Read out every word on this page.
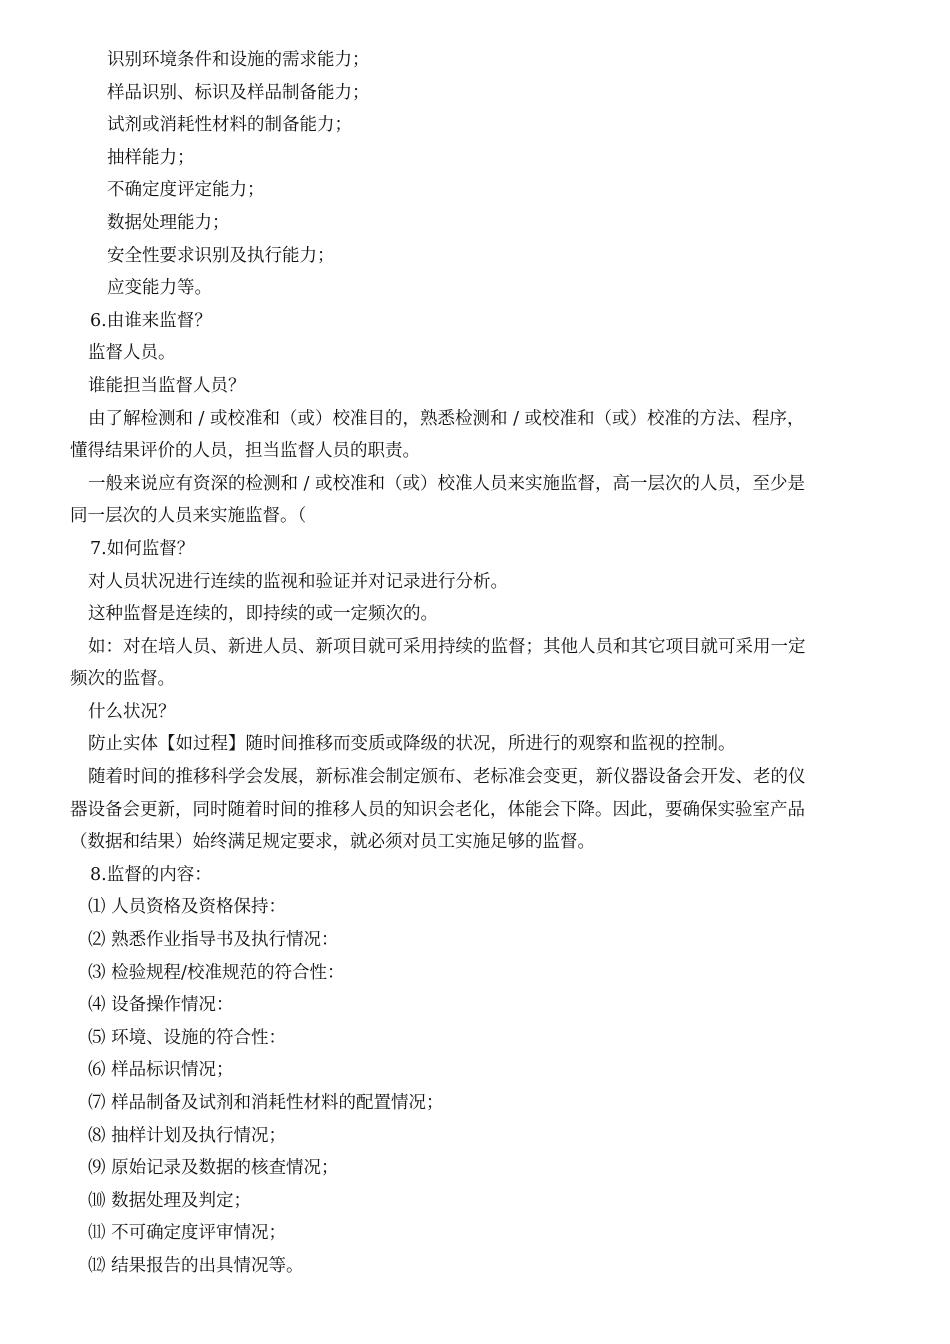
识别环境条件和设施的需求能力；

样品识别、标识及样品制备能力；

试剂或消耗性材料的制备能力；

抽样能力；

不确定度评定能力；

数据处理能力；

安全性要求识别及执行能力；

应变能力等。

6.由谁来监督？

监督人员。

谁能担当监督人员？

由了解检测和 / 或校准和（或）校准目的，熟悉检测和 / 或校准和（或）校准的方法、程序，

懂得结果评价的人员，担当监督人员的职责。

一般来说应有资深的检测和 / 或校准和（或）校准人员来实施监督，高一层次的人员，至少是

同一层次的人员来实施监督。（

7.如何监督？

对人员状况进行连续的监视和验证并对记录进行分析。

这种监督是连续的，即持续的或一定频次的。

如：对在培人员、新进人员、新项目就可采用持续的监督；其他人员和其它项目就可采用一定

频次的监督。

什么状况？

防止实体【如过程】随时间推移而变质或降级的状况，所进行的观察和监视的控制。

随着时间的推移科学会发展，新标准会制定颁布、老标准会变更，新仪器设备会开发、老的仪

器设备会更新，同时随着时间的推移人员的知识会老化，体能会下降。因此，要确保实验室产品

（数据和结果）始终满足规定要求，就必须对员工实施足够的监督。

8.监督的内容：

⑴ 人员资格及资格保持：

⑵ 熟悉作业指导书及执行情况：

⑶ 检验规程/校准规范的符合性：

⑷ 设备操作情况：

⑸ 环境、设施的符合性：

⑹ 样品标识情况；

⑺ 样品制备及试剂和消耗性材料的配置情况；

⑻ 抽样计划及执行情况；

⑼ 原始记录及数据的核查情况；

⑽ 数据处理及判定；

⑾ 不可确定度评审情况；

⑿ 结果报告的出具情况等。
